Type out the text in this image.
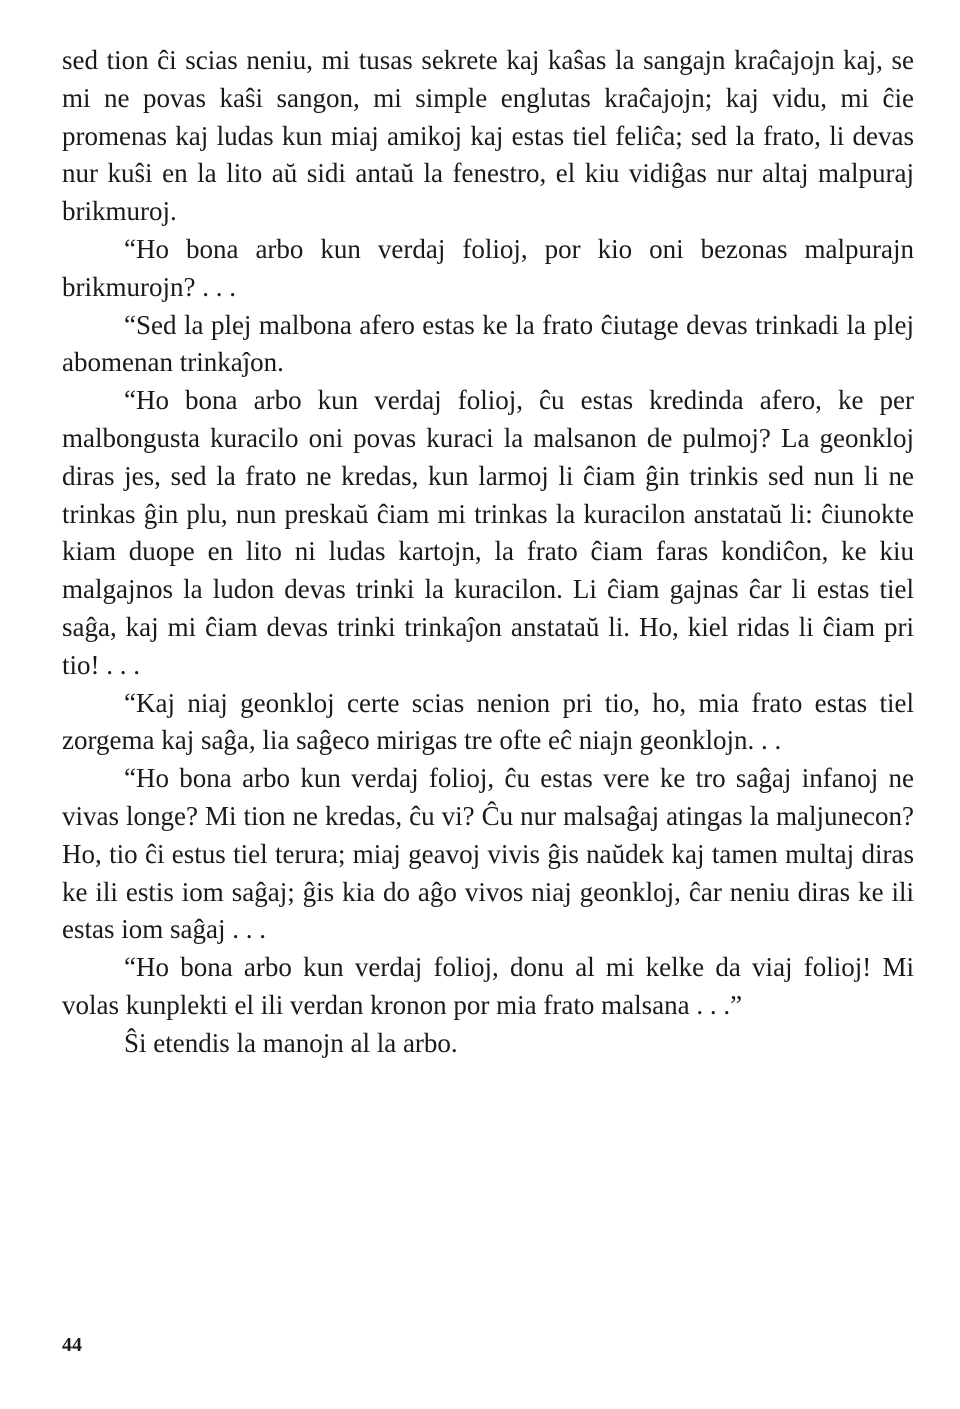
sed tion ĉi scias neniu, mi tusas sekrete kaj kaŝas la sangajn kraĉajojn kaj, se mi ne povas kaŝi sangon, mi simple englutas kraĉajojn; kaj vidu, mi ĉie promenas kaj ludas kun miaj amikoj kaj estas tiel feliĉa; sed la frato, li devas nur kuŝi en la lito aŭ sidi antaŭ la fenestro, el kiu vidiĝas nur altaj malpuraj brikmuroj.

“Ho bona arbo kun verdaj folioj, por kio oni bezonas malpurajn brikmurojn? . . .

“Sed la plej malbona afero estas ke la frato ĉiutage devas trinkadi la plej abomenan trinkaĵon.

“Ho bona arbo kun verdaj folioj, ĉu estas kredinda afero, ke per malbongusta kuracilo oni povas kuraci la malsanon de pulmoj? La geonkloj diras jes, sed la frato ne kredas, kun larmoj li ĉiam ĝin trinkis sed nun li ne trinkas ĝin plu, nun preskaŭ ĉiam mi trinkas la kuracilon anstataŭ li: ĉiunokte kiam duope en lito ni ludas kartojn, la frato ĉiam faras kondiĉon, ke kiu malgajnos la ludon devas trinki la kuracilon. Li ĉiam gajnas ĉar li estas tiel saĝa, kaj mi ĉiam devas trinki trinkaĵon anstataŭ li. Ho, kiel ridas li ĉiam pri tio! . . .

“Kaj niaj geonkloj certe scias nenion pri tio, ho, mia frato estas tiel zorgema kaj saĝa, lia saĝeco mirigas tre ofte eĉ niajn geonklojn. . .

“Ho bona arbo kun verdaj folioj, ĉu estas vere ke tro saĝaj infanoj ne vivas longe? Mi tion ne kredas, ĉu vi? Ĉu nur malsaĝaj atingas la maljunecon? Ho, tio ĉi estus tiel terura; miaj geavoj vivis ĝis naŭdek kaj tamen multaj diras ke ili estis iom saĝaj; ĝis kia do aĝo vivos niaj geonkloj, ĉar neniu diras ke ili estas iom saĝaj . . .

“Ho bona arbo kun verdaj folioj, donu al mi kelke da viaj folioj! Mi volas kunplekti el ili verdan kronon por mia frato malsana . . .”

Ŝi etendis la manojn al la arbo.

44
